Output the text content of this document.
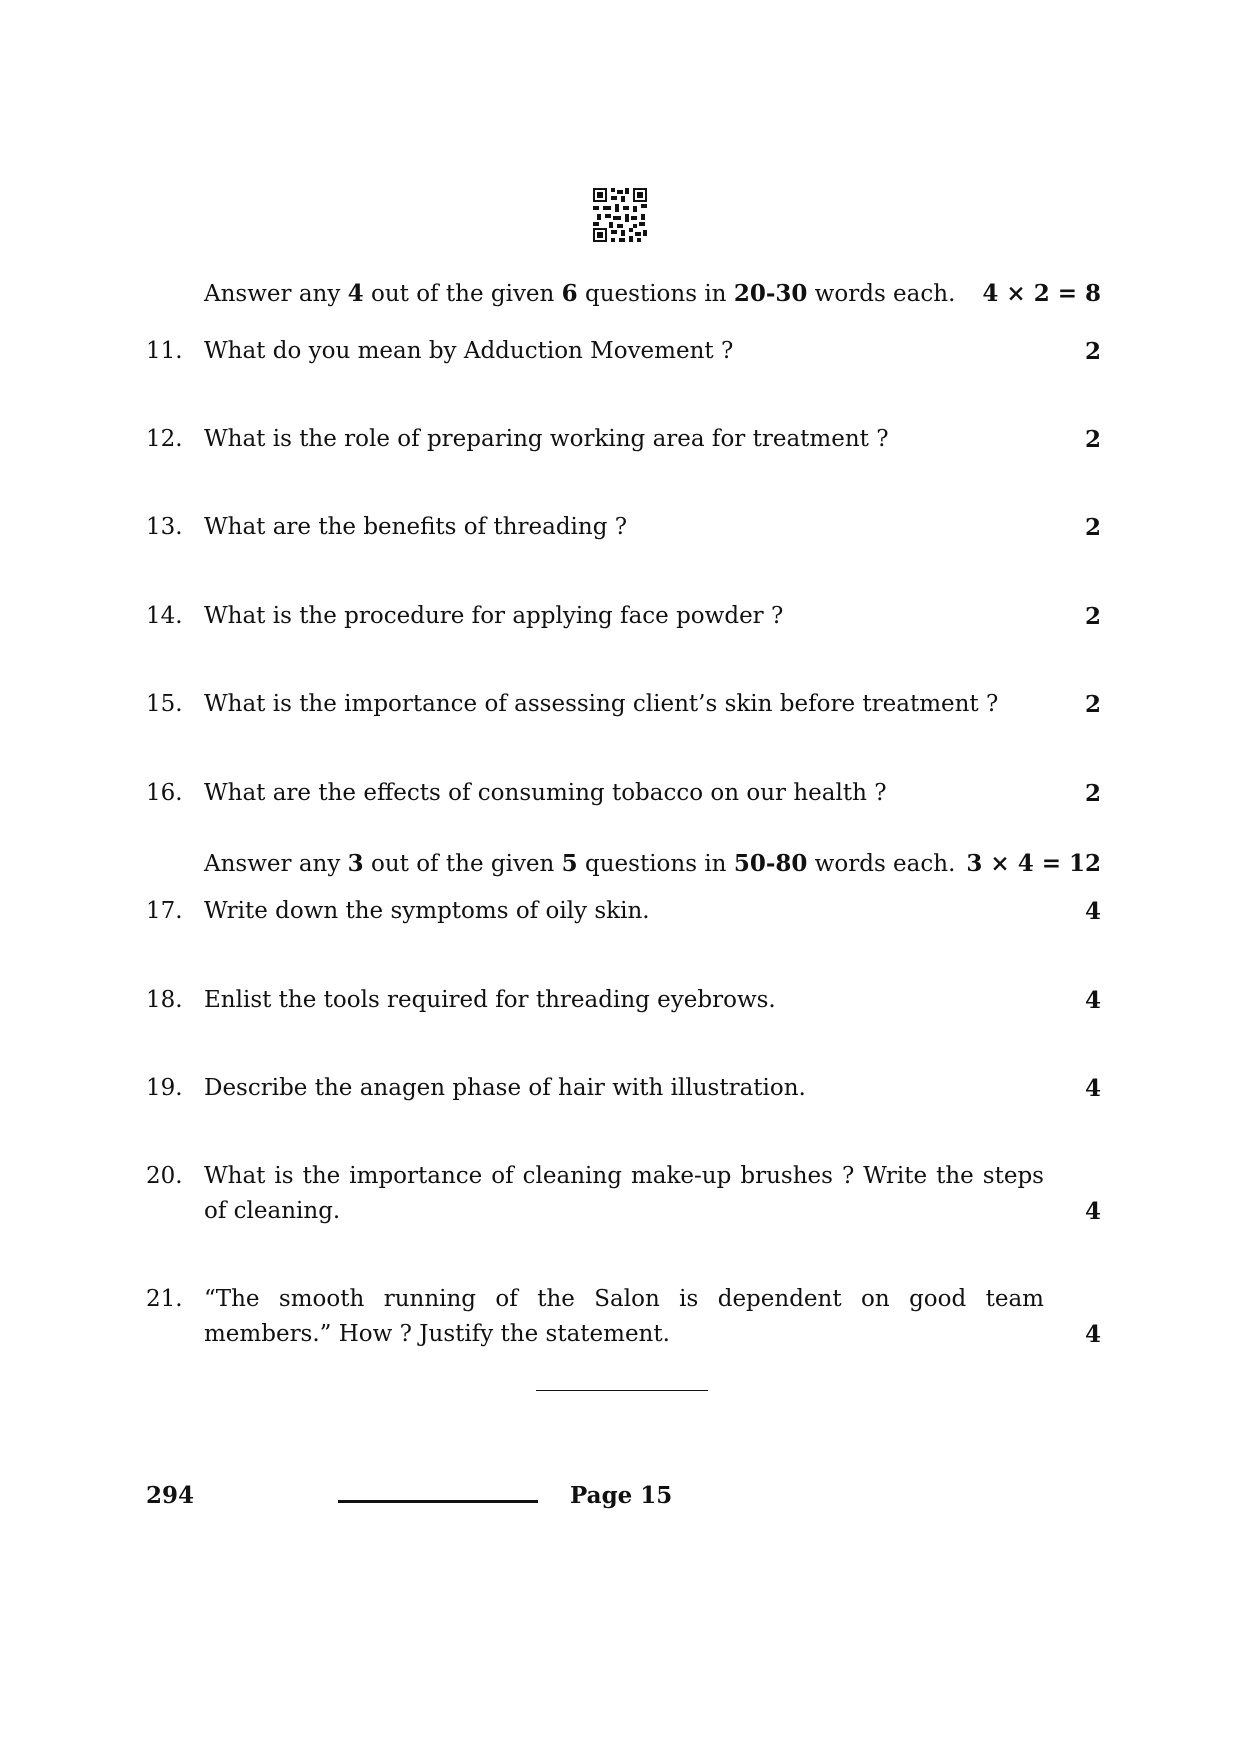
Answer any 4 out of the given 6 questions in 20-30 words each.	4 × 2 = 8
11. What do you mean by Adduction Movement ?	2
12. What is the role of preparing working area for treatment ?	2
13. What are the benefits of threading ?	2
14. What is the procedure for applying face powder ?	2
15. What is the importance of assessing client’s skin before treatment ?	2
16. What are the effects of consuming tobacco on our health ?	2
Answer any 3 out of the given 5 questions in 50-80 words each. 3 × 4 = 12
17. Write down the symptoms of oily skin.	4
18. Enlist the tools required for threading eyebrows.	4
19. Describe the anagen phase of hair with illustration.	4
20. What is the importance of cleaning make-up brushes ? Write the steps of cleaning.	4
21. “The smooth running of the Salon is dependent on good team members.” How ? Justify the statement.	4
294	Page 15
